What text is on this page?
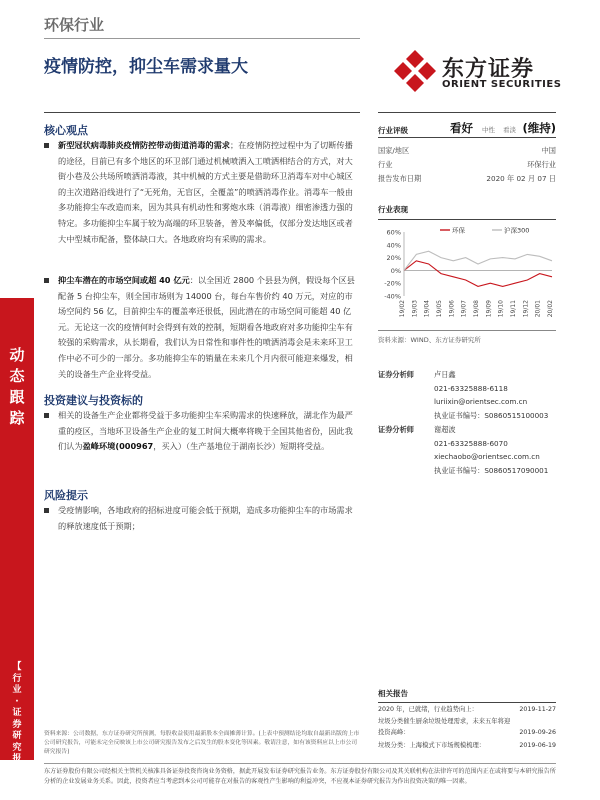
环保行业
疫情防控，抑尘车需求量大	东方证券
ORIENT SECURITIES
核心观点
新型冠状病毒肺炎疫情防控带动街道消毒的需求；在疫情防控过程中为了切断传播的途径，目前已有多个地区的环卫部门通过机械喷洒入工喷洒相结合的方式，对大街小巷及公共场所喷洒消毒液，其中机械的方式主要是借助环卫消毒车对中心城区的主次道路沿线进行了“无死角，无盲区，全覆盖”的喷洒消毒作业。消毒车一般由多功能抑尘车改造而来，因为其具有机动性和雾炮水珠（消毒液）细密渗透力强的特定。多功能抑尘车属于较为高端的环卫装备，普及率偏低，仅部分发达地区或者大中型城市配备，整体缺口大。各地政府均有采购的需求。
抑尘车潜在的市场空间或超 40 亿元：以全国近 2800 个县县为例，假设每个区县配备 5 台抑尘车，则全国市场则为 14000 台，每台车售价约 40 万元，对应的市场空间约 56 亿，目前抑尘车的覆盖率还很低，因此潜在的市场空间可能超 40 亿元。无论这一次的疫情何时会得到有效的控制，短期看各地政府对多功能抑尘车有较强的采购需求，从长期看，我们认为日常性和事件性的喷洒消毒会是未来环卫工作中必不可少的一部分。多功能抑尘车的销量在未来几个月内很可能迎来爆发，相关的设备生产企业将受益。
投资建议与投资标的
相关的设备生产企业都将受益于多功能抑尘车采购需求的快速释放，湖北作为最严重的疫区，当地环卫设备生产企业的复工时间大概率将晚于全国其他省份，因此我们认为盈峰环境(000967，买入）（生产基地位于湖南长沙）短期将受益。
风险提示
受疫情影响，各地政府的招标进度可能会低于预期，造成多功能抑尘车的市场需求的释放速度低于预期；
动
态
跟
踪
【
行
业
·
证
券
研
究
报
告
】
行业评级	看好 中性 看淡 (维持)
国家/地区	中国
行业	环保行业
报告发布日期	2020 年 02 月 07 日
行业表现
60%
40%
20%
0%
-20%
-40%
19/02 19/03 19/04 19/05 19/06 19/07 19/08 19/09 19/10 19/11 19/12 20/01 20/02
环保	沪深300
资料来源：WIND、东方证券研究所
证券分析师	卢日鑫
021-63325888-6118
luriixin@orientsec.com.cn
执业证书编号：S0860515100003
证券分析师	谢超波
021-63325888-6070
xiechaobo@orientsec.com.cn
执业证书编号：S0860517090001
相关报告
2020 年，已就绪，行业趋势向上：	2019-11-27
垃圾分类催生厨余垃圾处理需求，未来五年将迎投资高峰：	2019-09-26
垃圾分类：上海模式下市场规模梳理：	2019-06-19
资料来源：公司数据，东方证券研究所预测，每股收益使用最新股本全面摊薄计算。(上表中预测结论均取自最新出版的上市公司研究报告，可能未完全反映该上市公司研究报告发布之后发生的股本变化等因素。敬请注意，如有该资料应以上市公司研究报告)
东方证券股份有限公司经相关主管机关核准具备证券投资咨询业务资格，据此开展发布证券研究报告业务。东方证券股份有限公司及其关联机构在法律许可的范围内正在或将要与本研究报告所分析的企业发展业务关系。因此，投资者应当考虑到本公司可能存在对报告的客观性产生影响的利益冲突，不应视本证券研究报告为作出投资决策的唯一因素。
